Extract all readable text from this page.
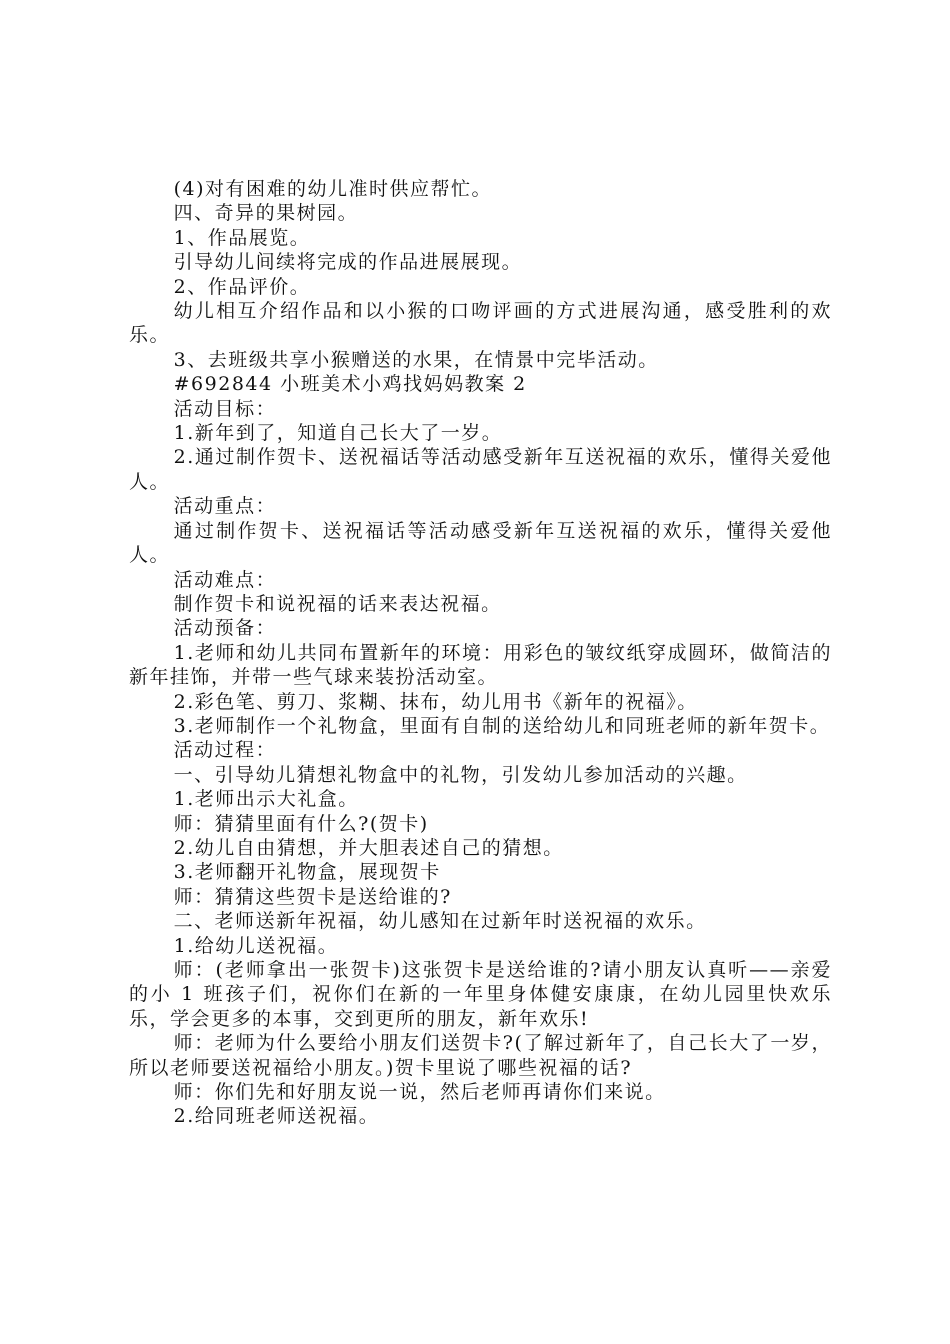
(4)对有困难的幼儿准时供应帮忙。

四、奇异的果树园。

1、作品展览。

引导幼儿间续将完成的作品进展展现。

2、作品评价。

幼儿相互介绍作品和以小猴的口吻评画的方式进展沟通，感受胜利的欢乐。

3、去班级共享小猴赠送的水果，在情景中完毕活动。

#692844 小班美术小鸡找妈妈教案 2

活动目标：

1.新年到了，知道自己长大了一岁。

2.通过制作贺卡、送祝福话等活动感受新年互送祝福的欢乐，懂得关爱他人。

活动重点：

通过制作贺卡、送祝福话等活动感受新年互送祝福的欢乐，懂得关爱他人。

活动难点：

制作贺卡和说祝福的话来表达祝福。

活动预备：

1.老师和幼儿共同布置新年的环境：用彩色的皱纹纸穿成圆环，做简洁的新年挂饰，并带一些气球来装扮活动室。

2.彩色笔、剪刀、浆糊、抹布，幼儿用书《新年的祝福》。

3.老师制作一个礼物盒，里面有自制的送给幼儿和同班老师的新年贺卡。

活动过程：

一、引导幼儿猜想礼物盒中的礼物，引发幼儿参加活动的兴趣。

1.老师出示大礼盒。

师：猜猜里面有什么?(贺卡)

2.幼儿自由猜想，并大胆表述自己的猜想。

3.老师翻开礼物盒，展现贺卡

师：猜猜这些贺卡是送给谁的?

二、老师送新年祝福，幼儿感知在过新年时送祝福的欢乐。

1.给幼儿送祝福。

师：(老师拿出一张贺卡)这张贺卡是送给谁的?请小朋友认真听——亲爱的小 1 班孩子们，祝你们在新的一年里身体健安康康，在幼儿园里快欢乐乐，学会更多的本事，交到更所的朋友，新年欢乐!

师：老师为什么要给小朋友们送贺卡?(了解过新年了，自己长大了一岁，所以老师要送祝福给小朋友。)贺卡里说了哪些祝福的话?

师：你们先和好朋友说一说，然后老师再请你们来说。

2.给同班老师送祝福。
